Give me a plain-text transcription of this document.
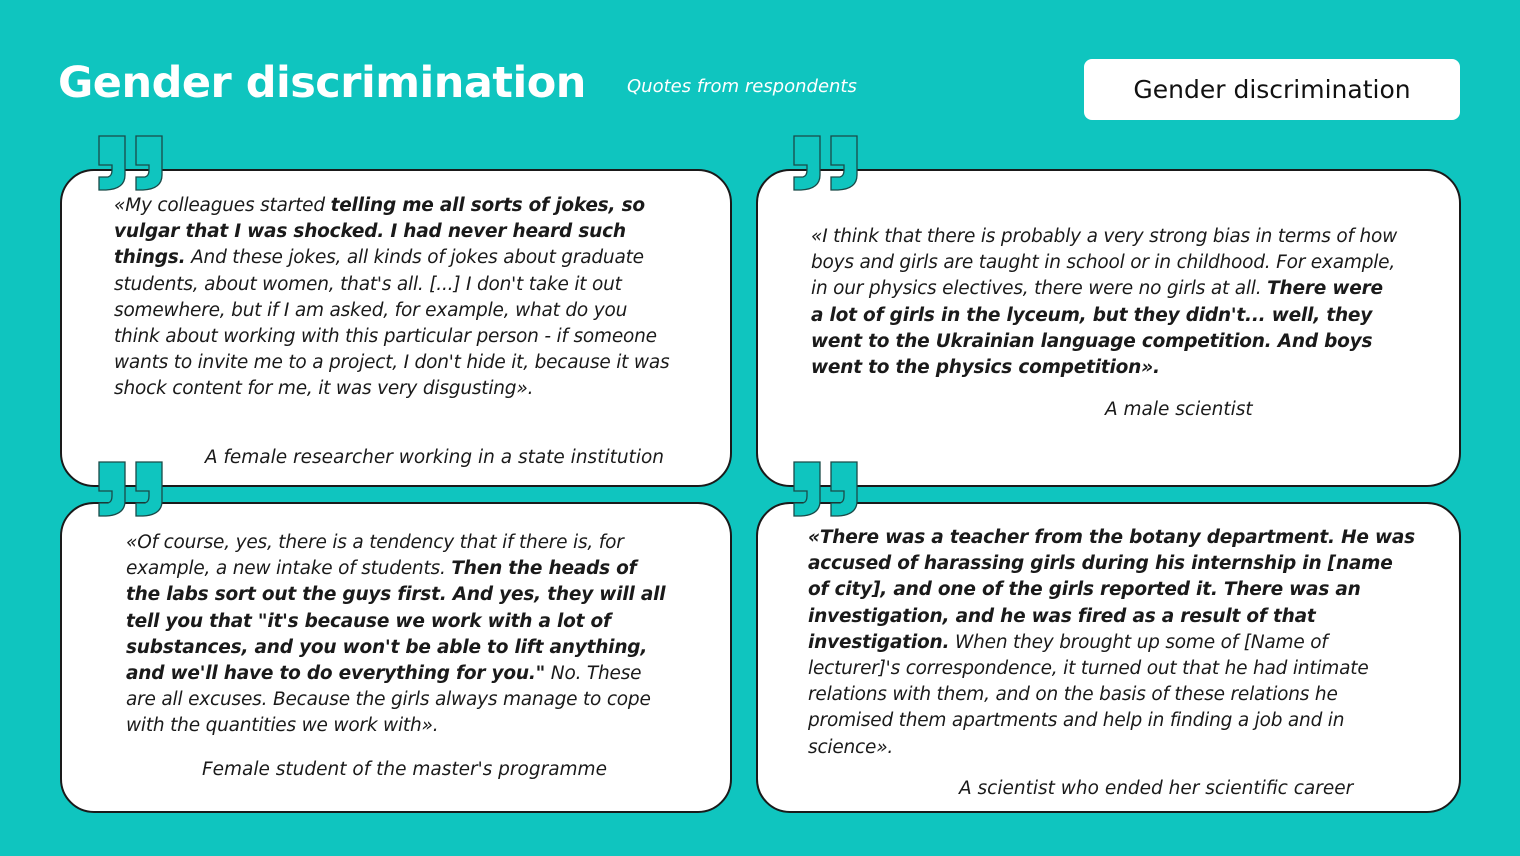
Gender discrimination Quotes from respondents	Gender discrimination

«My colleagues started telling me all sorts of jokes, so vulgar that I was shocked. I had never heard such things. And these jokes, all kinds of jokes about graduate students, about women, that's all. [...] I don't take it out somewhere, but if I am asked, for example, what do you think about working with this particular person - if someone wants to invite me to a project, I don't hide it, because it was shock content for me, it was very disgusting».

A female researcher working in a state institution

«I think that there is probably a very strong bias in terms of how boys and girls are taught in school or in childhood. For example, in our physics electives, there were no girls at all. There were a lot of girls in the lyceum, but they didn't... well, they went to the Ukrainian language competition. And boys went to the physics competition».

A male scientist

«Of course, yes, there is a tendency that if there is, for example, a new intake of students. Then the heads of the labs sort out the guys first. And yes, they will all tell you that "it's because we work with a lot of substances, and you won't be able to lift anything, and we'll have to do everything for you." No. These are all excuses. Because the girls always manage to cope with the quantities we work with».

Female student of the master's programme

«There was a teacher from the botany department. He was accused of harassing girls during his internship in [name of city], and one of the girls reported it. There was an investigation, and he was fired as a result of that investigation. When they brought up some of [Name of lecturer]'s correspondence, it turned out that he had intimate relations with them, and on the basis of these relations he promised them apartments and help in finding a job and in science».

A scientist who ended her scientific career
